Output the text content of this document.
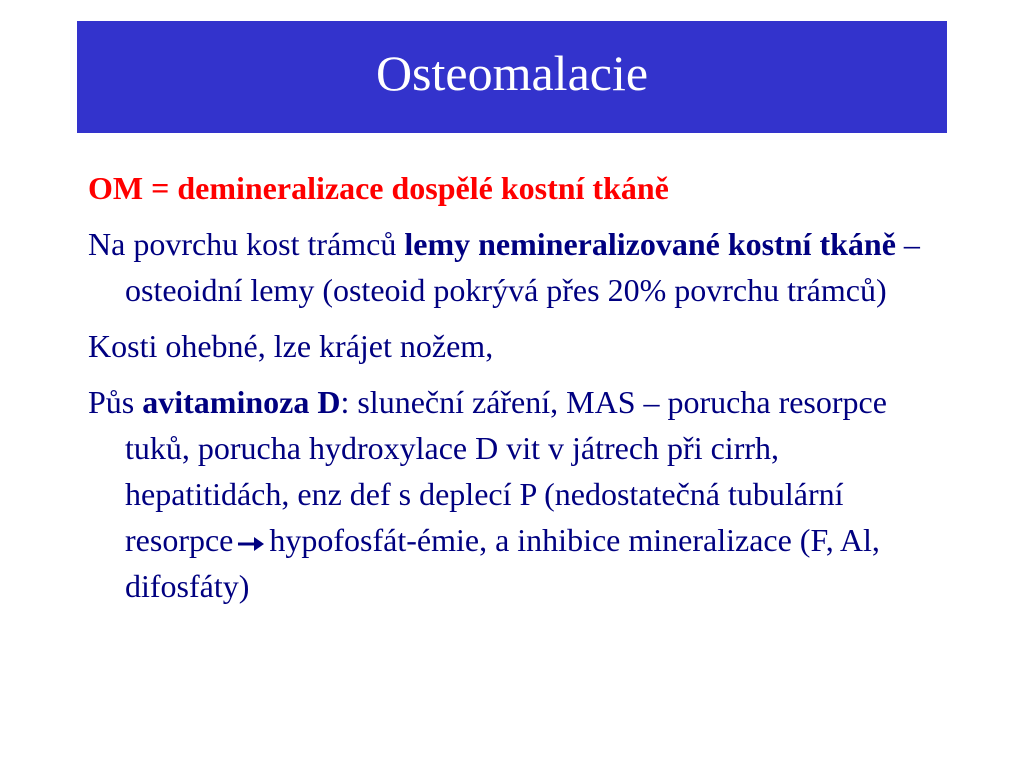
Osteomalacie

OM = demineralizace dospělé kostní tkáně

Na povrchu kost trámců lemy nemineralizované kostní tkáně – osteoidní lemy (osteoid pokrývá přes 20% povrchu trámců)

Kosti ohebné, lze krájet nožem,

Půs avitaminoza D: sluneční záření, MAS – porucha resorpce tuků, porucha hydroxylace D vit v játrech při cirrh, hepatitidách, enz def s deplecí P (nedostatečná tubulární resorpce hypofosfát-émie, a inhibice mineralizace (F, Al, difosfáty)
